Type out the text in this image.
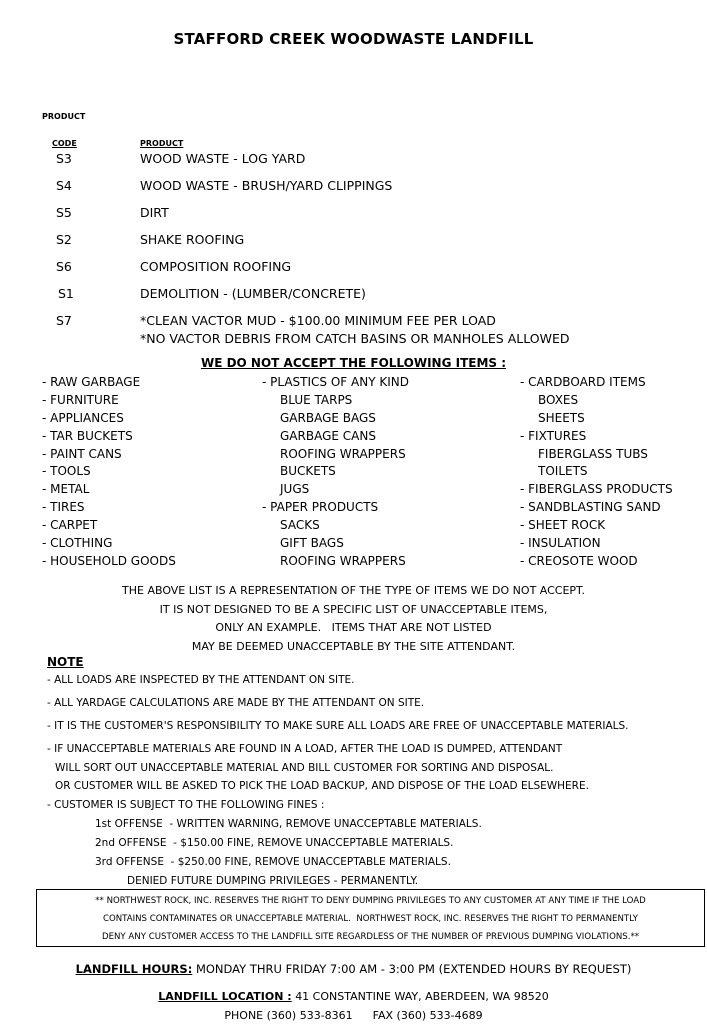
STAFFORD CREEK WOODWASTE LANDFILL
PRODUCT
CODE	PRODUCT
S3	WOOD WASTE - LOG YARD
S4	WOOD WASTE - BRUSH/YARD CLIPPINGS
S5	DIRT
S2	SHAKE ROOFING
S6	COMPOSITION ROOFING
S1	DEMOLITION - (LUMBER/CONCRETE)
S7	*CLEAN VACTOR MUD - $100.00 MINIMUM FEE PER LOAD
*NO VACTOR DEBRIS FROM CATCH BASINS OR MANHOLES ALLOWED
WE DO NOT ACCEPT THE FOLLOWING ITEMS :
- RAW GARBAGE
- FURNITURE
- APPLIANCES
- TAR BUCKETS
- PAINT CANS
- TOOLS
- METAL
- TIRES
- CARPET
- CLOTHING
- HOUSEHOLD GOODS
- PLASTICS OF ANY KIND
BLUE TARPS
GARBAGE BAGS
GARBAGE CANS
ROOFING WRAPPERS
BUCKETS
JUGS
- PAPER PRODUCTS
SACKS
GIFT BAGS
ROOFING WRAPPERS
- CARDBOARD ITEMS
BOXES
SHEETS
- FIXTURES
FIBERGLASS TUBS
TOILETS
- FIBERGLASS PRODUCTS
- SANDBLASTING SAND
- SHEET ROCK
- INSULATION
- CREOSOTE WOOD
THE ABOVE LIST IS A REPRESENTATION OF THE TYPE OF ITEMS WE DO NOT ACCEPT.
IT IS NOT DESIGNED TO BE A SPECIFIC LIST OF UNACCEPTABLE ITEMS,
ONLY AN EXAMPLE.   ITEMS THAT ARE NOT LISTED
MAY BE DEEMED UNACCEPTABLE BY THE SITE ATTENDANT.
NOTE
- ALL LOADS ARE INSPECTED BY THE ATTENDANT ON SITE.
- ALL YARDAGE CALCULATIONS ARE MADE BY THE ATTENDANT ON SITE.
- IT IS THE CUSTOMER'S RESPONSIBILITY TO MAKE SURE ALL LOADS ARE FREE OF UNACCEPTABLE MATERIALS.
- IF UNACCEPTABLE MATERIALS ARE FOUND IN A LOAD, AFTER THE LOAD IS DUMPED, ATTENDANT
WILL SORT OUT UNACCEPTABLE MATERIAL AND BILL CUSTOMER FOR SORTING AND DISPOSAL.
OR CUSTOMER WILL BE ASKED TO PICK THE LOAD BACKUP, AND DISPOSE OF THE LOAD ELSEWHERE.
- CUSTOMER IS SUBJECT TO THE FOLLOWING FINES :
1st OFFENSE  - WRITTEN WARNING, REMOVE UNACCEPTABLE MATERIALS.
2nd OFFENSE  - $150.00 FINE, REMOVE UNACCEPTABLE MATERIALS.
3rd OFFENSE  - $250.00 FINE, REMOVE UNACCEPTABLE MATERIALS.
DENIED FUTURE DUMPING PRIVILEGES - PERMANENTLY.
** NORTHWEST ROCK, INC. RESERVES THE RIGHT TO DENY DUMPING PRIVILEGES TO ANY CUSTOMER AT ANY TIME IF THE LOAD
CONTAINS CONTAMINATES OR UNACCEPTABLE MATERIAL.  NORTHWEST ROCK, INC. RESERVES THE RIGHT TO PERMANENTLY
DENY ANY CUSTOMER ACCESS TO THE LANDFILL SITE REGARDLESS OF THE NUMBER OF PREVIOUS DUMPING VIOLATIONS.**
LANDFILL HOURS: MONDAY THRU FRIDAY 7:00 AM - 3:00 PM (EXTENDED HOURS BY REQUEST)
LANDFILL LOCATION : 41 CONSTANTINE WAY, ABERDEEN, WA 98520
PHONE (360) 533-8361 FAX (360) 533-4689
